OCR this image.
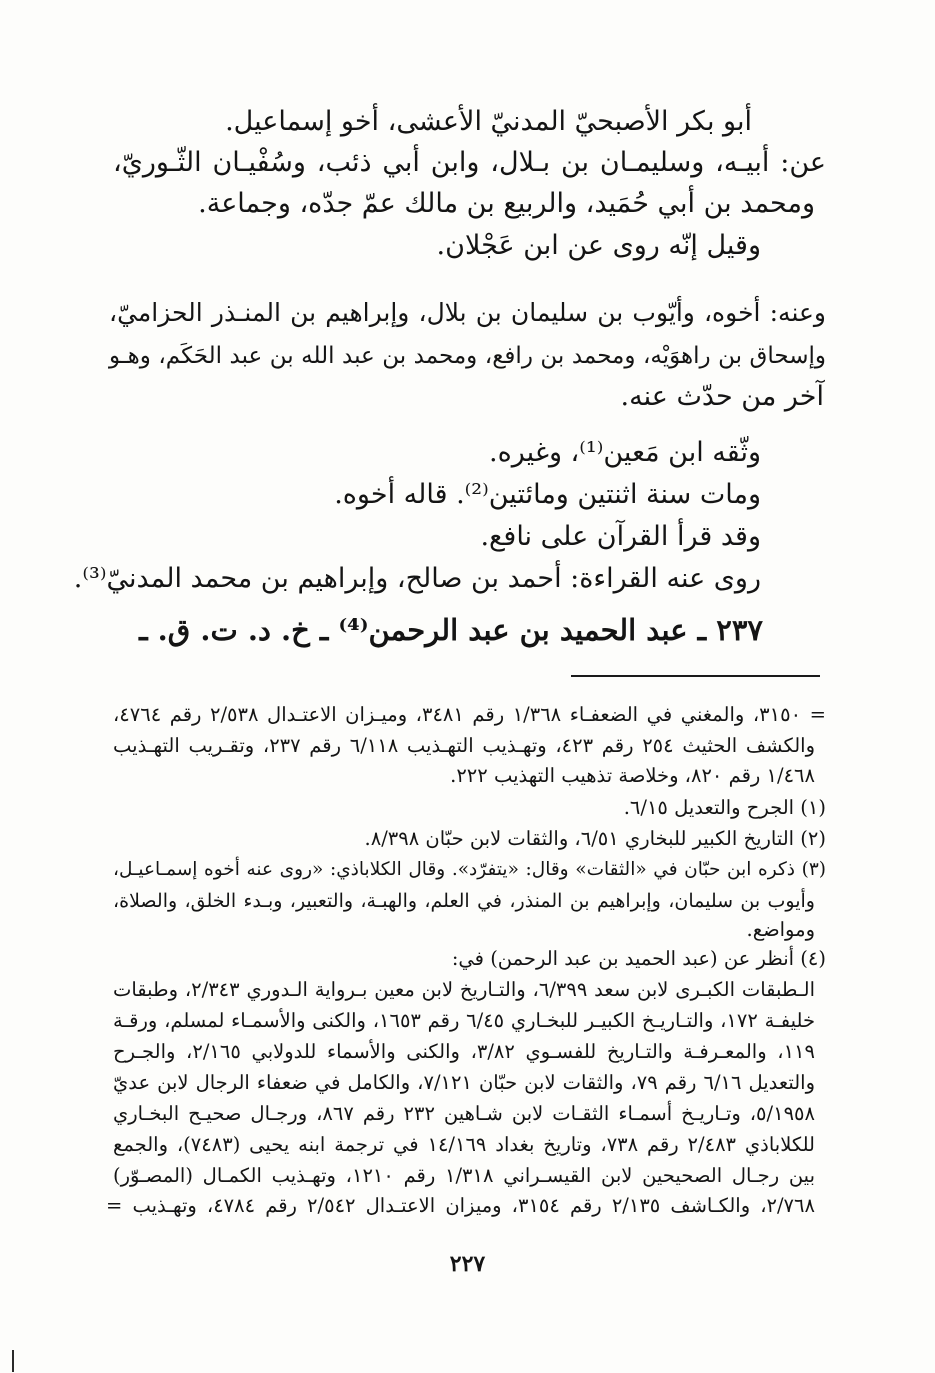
أبو بكر الأصبحيّ المدنيّ الأعشى، أخو إسماعيل.
عن: أبيـه، وسليمـان بن بـلال، وابن أبي ذئب، وسُفْيـان الثّـوريّ،
ومحمد بن أبي حُمَيد، والربيع بن مالك عمّ جدّه، وجماعة.
وقيل إنّه روى عن ابن عَجْلان.
وعنه: أخوه، وأيّوب بن سليمان بن بلال، وإبراهيم بن المنـذر الحزاميّ،
وإسحاق بن راهوَيْه، ومحمد بن رافع، ومحمد بن عبد الله بن عبد الحَكَم، وهـو
آخر من حدّث عنه.
وثّقه ابن مَعين⁽¹⁾، وغيره.
ومات سنة اثنتين ومائتين⁽²⁾. قاله أخوه.
وقد قرأ القرآن على نافع.
روى عنه القراءة: أحمد بن صالح، وإبراهيم بن محمد المدنيّ⁽³⁾.
٢٣٧ ـ عبد الحميد بن عبد الرحمن⁽⁴⁾ ـ خ. د. ت. ق. ـ
= ٣١٥٠، والمغني في الضعفـاء ١/٣٦٨ رقم ٣٤٨١، وميـزان الاعتـدال ٢/٥٣٨ رقم ٤٧٦٤،
والكشف الحثيث ٢٥٤ رقم ٤٢٣، وتهـذيب التهـذيب ٦/١١٨ رقم ٢٣٧، وتقـريب التهـذيب
١/٤٦٨ رقم ٨٢٠، وخلاصة تذهيب التهذيب ٢٢٢.
(١) الجرح والتعديل ٦/١٥.
(٢) التاريخ الكبير للبخاري ٦/٥١، والثقات لابن حبّان ٨/٣٩٨.
(٣) ذكره ابن حبّان في «الثقات» وقال: «يتفرّد». وقال الكلاباذي: «روى عنه أخوه إسمـاعيـل،
وأيوب بن سليمان، وإبراهيم بن المنذر، في العلم، والهبـة، والتعبير، وبـدء الخلق، والصلاة،
ومواضع.
(٤) أنظر عن (عبد الحميد بن عبد الرحمن) في:
الـطبقات الكبـرى لابن سعد ٦/٣٩٩، والتـاريخ لابن معين بـرواية الـدوري ٢/٣٤٣، وطبقات
خليفـة ١٧٢، والتـاريـخ الكبيـر للبخـاري ٦/٤٥ رقم ١٦٥٣، والكنى والأسمـاء لمسلم، ورقـة
١١٩، والمعـرفـة والتـاريخ للفسـوي ٣/٨٢، والكنى والأسماء للدولابي ٢/١٦٥، والجـرح
والتعديل ٦/١٦ رقم ٧٩، والثقات لابن حبّان ٧/١٢١، والكامل في ضعفاء الرجال لابن عديّ
٥/١٩٥٨، وتـاريـخ أسمـاء الثقـات لابن شـاهين ٢٣٢ رقم ٨٦٧، ورجـال صحيـح البخـاري
للكلاباذي ٢/٤٨٣ رقم ٧٣٨، وتاريخ بغداد ١٤/١٦٩ في ترجمة ابنه يحيى (٧٤٨٣)، والجمع
بين رجـال الصحيحين لابن القيسـراني ١/٣١٨ رقم ١٢١٠، وتهـذيب الكمـال (المصـوّر)
٢/٧٦٨، والكـاشف ٢/١٣٥ رقم ٣١٥٤، وميزان الاعتـدال ٢/٥٤٢ رقم ٤٧٨٤، وتهـذيب =
٢٢٧
